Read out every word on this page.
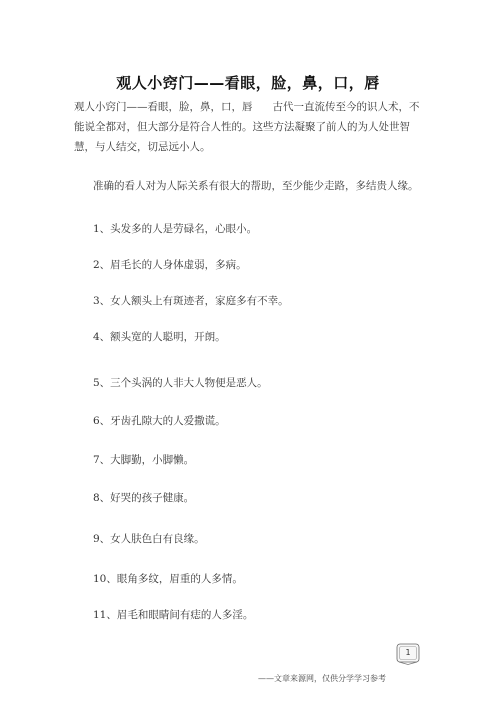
观人小窍门——看眼，脸，鼻，口，唇

观人小窍门——看眼，脸，鼻，口，唇 古代一直流传至今的识人术，不能说全都对，但大部分是符合人性的。这些方法凝聚了前人的为人处世智慧，与人结交，切忌远小人。

准确的看人对为人际关系有很大的帮助，至少能少走路，多结贵人缘。

1、头发多的人是劳碌名，心眼小。

2、眉毛长的人身体虚弱，多病。

3、女人额头上有斑迹者，家庭多有不幸。

4、额头宽的人聪明，开朗。

5、三个头涡的人非大人物便是恶人。

6、牙齿孔隙大的人爱撒谎。

7、大脚勤，小脚懒。

8、好哭的孩子健康。

9、女人肤色白有良缘。

10、眼角多纹，眉重的人多情。

11、眉毛和眼睛间有痣的人多淫。

1
——文章来源网，仅供分学学习参考
